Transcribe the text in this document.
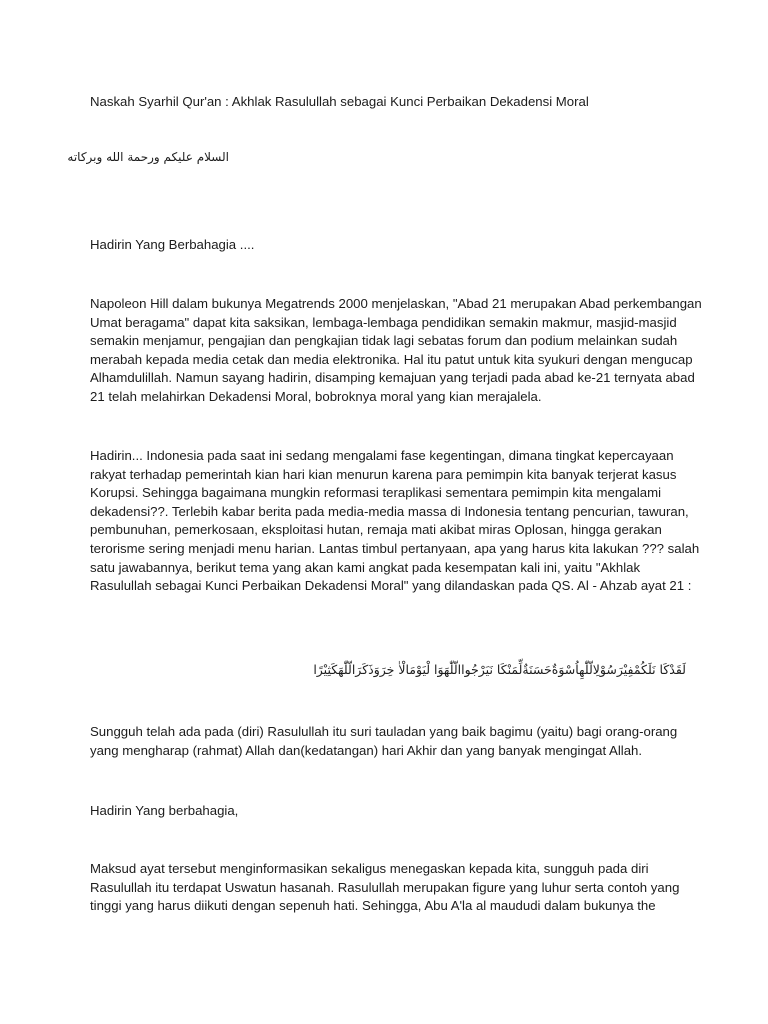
Naskah Syarhil Qur'an : Akhlak Rasulullah sebagai Kunci Perbaikan Dekadensi Moral

السلام عليكم ورحمة الله وبركاته

Hadirin Yang Berbahagia ....

Napoleon Hill dalam bukunya Megatrends 2000 menjelaskan, "Abad 21 merupakan Abad perkembangan
Umat beragama" dapat kita saksikan, lembaga-lembaga pendidikan semakin makmur, masjid-masjid
semakin menjamur, pengajian dan pengkajian tidak lagi sebatas forum dan podium melainkan sudah
merabah kepada media cetak dan media elektronika. Hal itu patut untuk kita syukuri dengan mengucap
Alhamdulillah. Namun sayang hadirin, disamping kemajuan yang terjadi pada abad ke-21 ternyata abad
21 telah melahirkan Dekadensi Moral, bobroknya moral yang kian merajalela.
Hadirin... Indonesia pada saat ini sedang mengalami fase kegentingan, dimana tingkat kepercayaan
rakyat terhadap pemerintah kian hari kian menurun karena para pemimpin kita banyak terjerat kasus
Korupsi. Sehingga bagaimana mungkin reformasi teraplikasi sementara pemimpin kita mengalami
dekadensi??. Terlebih kabar berita pada media-media massa di Indonesia tentang pencurian, tawuran,
pembunuhan, pemerkosaan, eksploitasi hutan, remaja mati akibat miras Oplosan, hingga gerakan
terorisme sering menjadi menu harian. Lantas timbul pertanyaan, apa yang harus kita lakukan ??? salah
satu jawabannya, berikut tema yang akan kami angkat pada kesempatan kali ini, yaitu "Akhlak
Rasulullah sebagai Kunci Perbaikan Dekadensi Moral" yang dilandaskan pada QS. Al - Ahzab ayat 21 :
لَقَدْكَا نَلَكُمْفِيْرَسُوْلِالّلّٰهِاُسْوَةٌحَسَنَةٌلِّمَنْكَا نَيَرْجُواالّلّٰهَوَا لْيَوْمَالْاٰ خِرَوَذَكَرَالّلّٰهَكَثِيْرًا
Sungguh telah ada pada (diri) Rasulullah itu suri tauladan yang baik bagimu (yaitu) bagi orang-orang
yang mengharap (rahmat) Allah dan(kedatangan) hari Akhir dan yang banyak mengingat Allah.

Hadirin Yang berbahagia,

Maksud ayat tersebut menginformasikan sekaligus menegaskan kepada kita, sungguh pada diri
Rasulullah itu terdapat Uswatun hasanah. Rasulullah merupakan figure yang luhur serta contoh yang
tinggi yang harus diikuti dengan sepenuh hati. Sehingga, Abu A'la al maududi dalam bukunya the
